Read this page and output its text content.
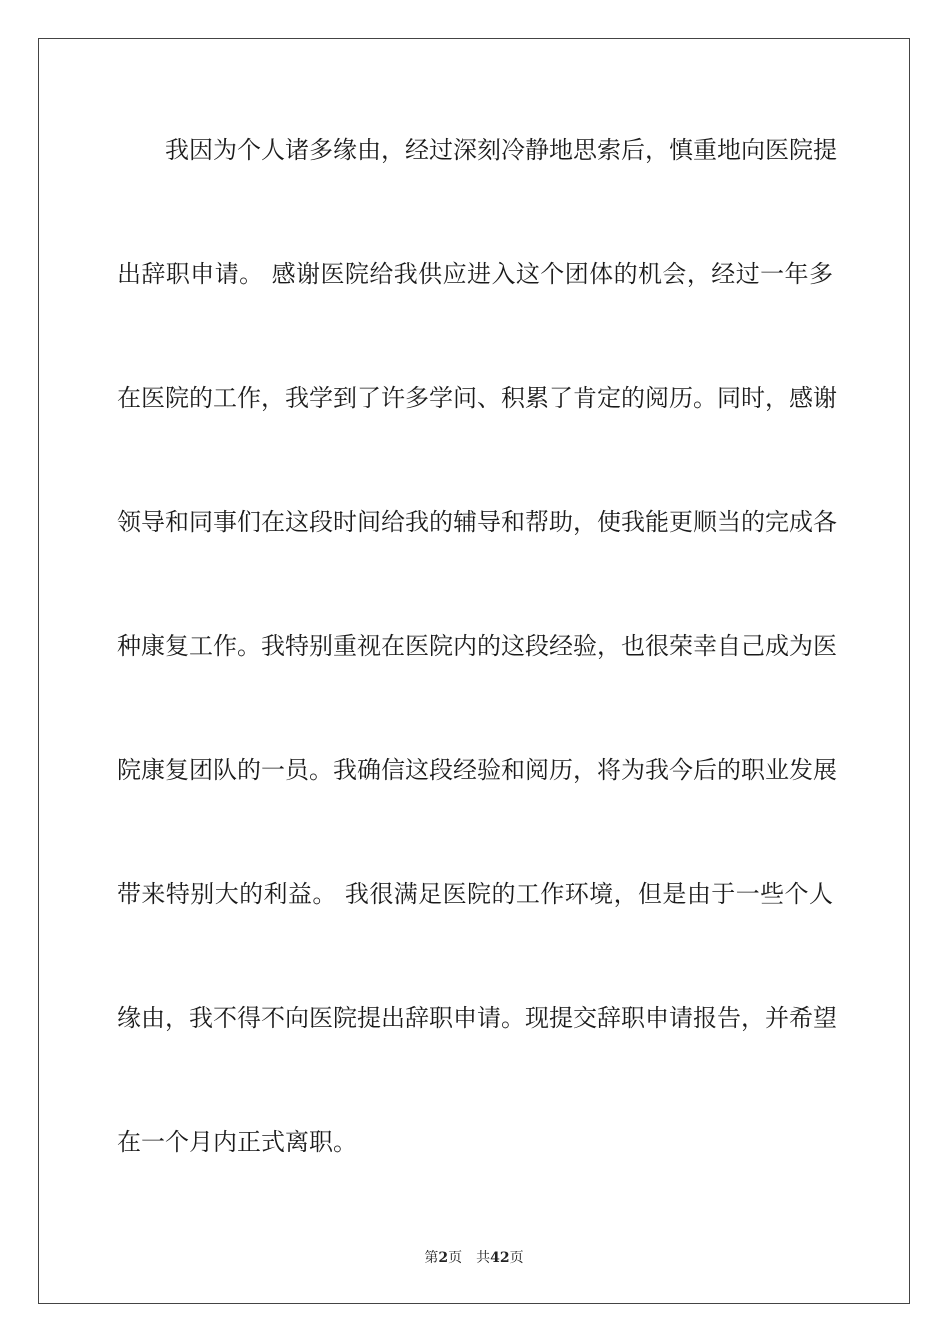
我因为个人诸多缘由，经过深刻冷静地思索后，慎重地向医院提
出辞职申请。 感谢医院给我供应进入这个团体的机会，经过一年多
在医院的工作，我学到了许多学问、积累了肯定的阅历。同时，感谢
领导和同事们在这段时间给我的辅导和帮助，使我能更顺当的完成各
种康复工作。我特别重视在医院内的这段经验，也很荣幸自己成为医
院康复团队的一员。我确信这段经验和阅历，将为我今后的职业发展
带来特别大的利益。 我很满足医院的工作环境，但是由于一些个人
缘由，我不得不向医院提出辞职申请。现提交辞职申请报告，并希望
在一个月内正式离职。
第2页 共42页
